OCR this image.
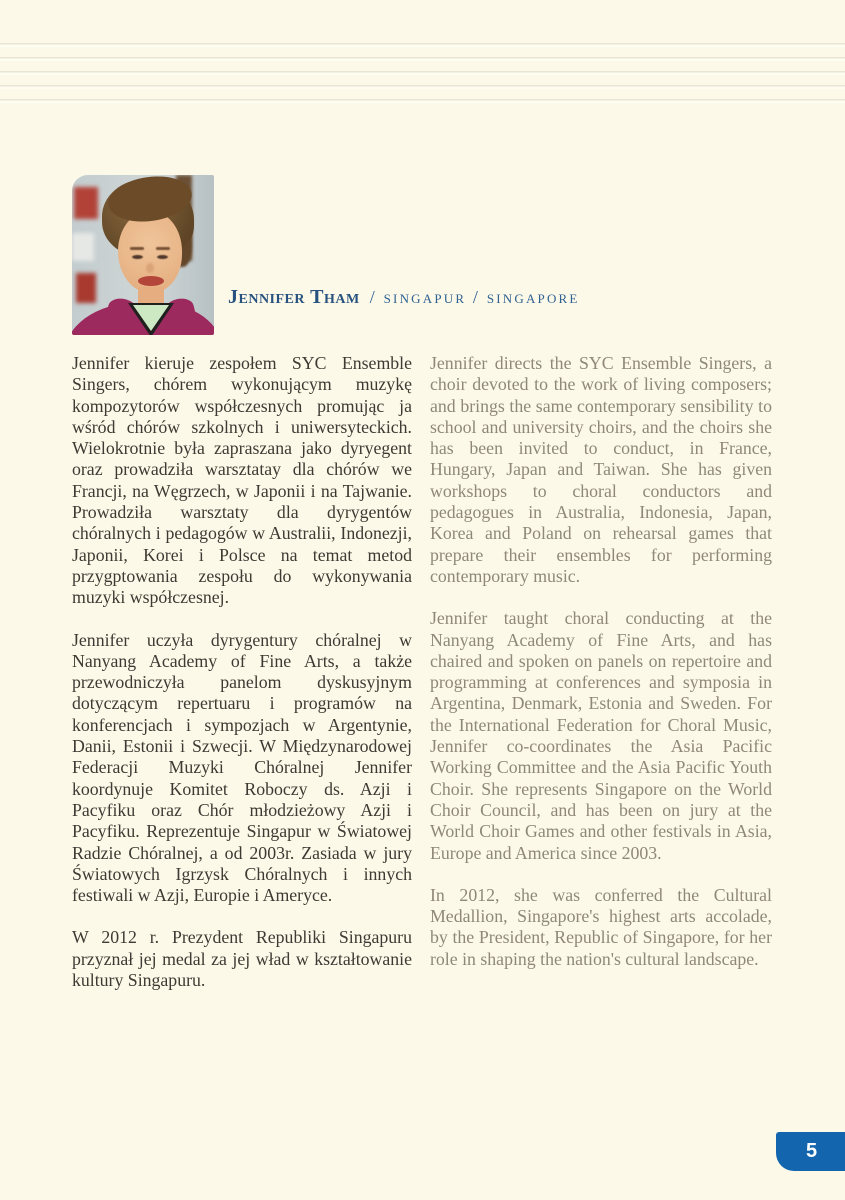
Jennifer Tham / singapur / singapore

Jennifer kieruje zespołem SYC Ensemble Singers, chórem wykonującym muzykę kompozytorów współczesnych promując ja wśród chórów szkolnych i uniwersyteckich. Wielokrotnie była zapraszana jako dyryegent oraz prowadziła warsztatay dla chórów we Francji, na Węgrzech, w Japonii i na Tajwanie. Prowadziła warsztaty dla dyrygentów chóralnych i pedagogów w Australii, Indonezji, Japonii, Korei i Polsce na temat metod przygptowania zespołu do wykonywania muzyki współczesnej.

Jennifer uczyła dyrygentury chóralnej w Nanyang Academy of Fine Arts, a także przewodniczyła panelom dyskusyjnym dotyczącym repertuaru i programów na konferencjach i sympozjach w Argentynie, Danii, Estonii i Szwecji. W Międzynarodowej Federacji Muzyki Chóralnej Jennifer koordynuje Komitet Roboczy ds. Azji i Pacyfiku oraz Chór młodzieżowy Azji i Pacyfiku. Reprezentuje Singapur w Światowej Radzie Chóralnej, a od 2003r. Zasiada w jury Światowych Igrzysk Chóralnych i innych festiwali w Azji, Europie i Ameryce.

W 2012 r. Prezydent Republiki Singapuru przyznał jej medal za jej wład w kształtowanie kultury Singapuru.

Jennifer directs the SYC Ensemble Singers, a choir devoted to the work of living composers; and brings the same contemporary sensibility to school and university choirs, and the choirs she has been invited to conduct, in France, Hungary, Japan and Taiwan. She has given workshops to choral conductors and pedagogues in Australia, Indonesia, Japan, Korea and Poland on rehearsal games that prepare their ensembles for performing contemporary music.

Jennifer taught choral conducting at the Nanyang Academy of Fine Arts, and has chaired and spoken on panels on repertoire and programming at conferences and symposia in Argentina, Denmark, Estonia and Sweden. For the International Federation for Choral Music, Jennifer co-coordinates the Asia Pacific Working Committee and the Asia Pacific Youth Choir. She represents Singapore on the World Choir Council, and has been on jury at the World Choir Games and other festivals in Asia, Europe and America since 2003.

In 2012, she was conferred the Cultural Medallion, Singapore's highest arts accolade, by the President, Republic of Singapore, for her role in shaping the nation's cultural landscape.

5
